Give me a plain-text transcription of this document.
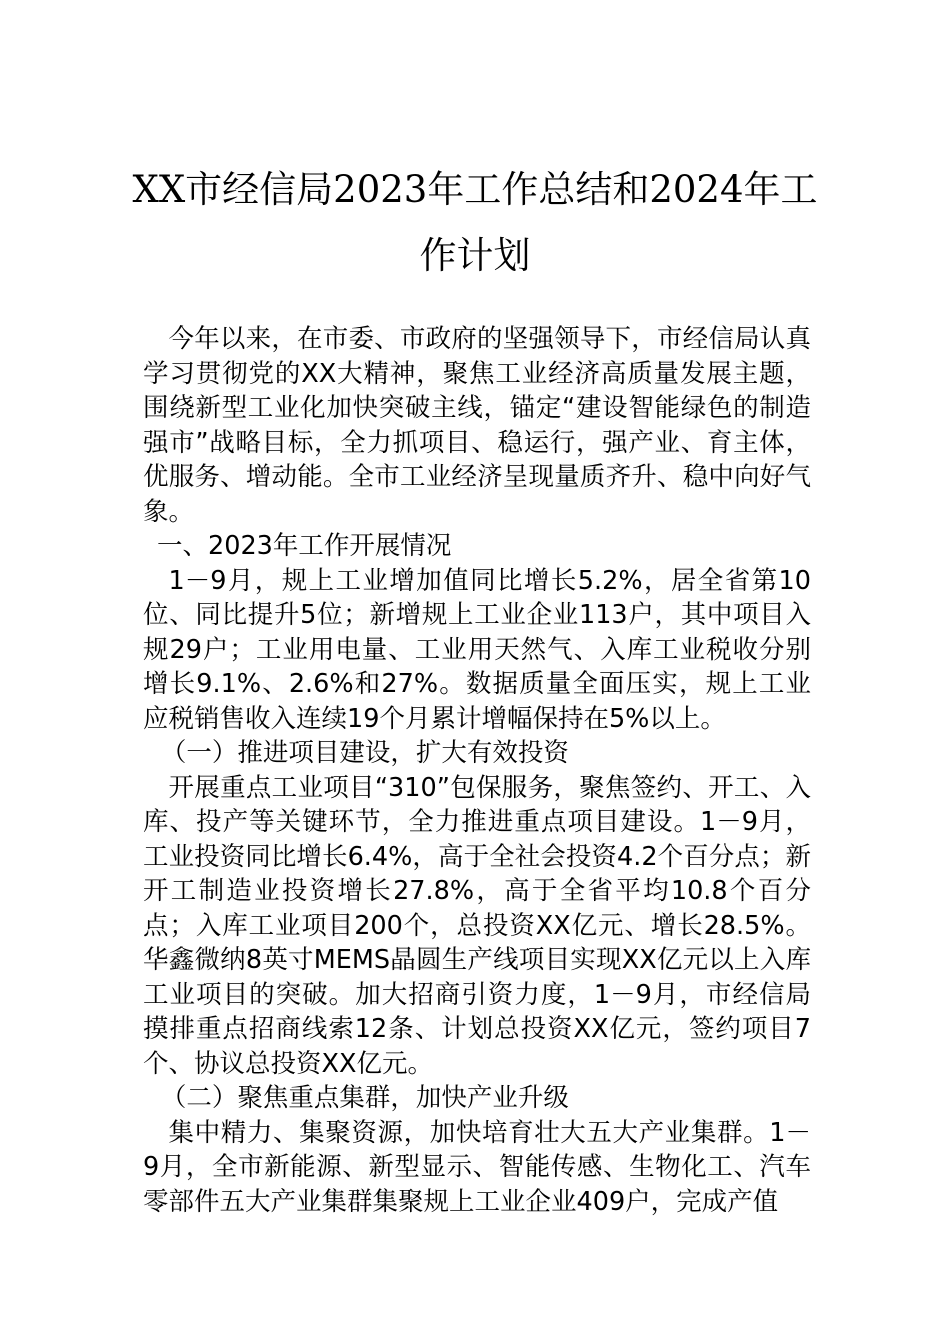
XX市经信局2023年工作总结和2024年工
作计划

今年以来，在市委、市政府的坚强领导下，市经信局认真学习贯彻党的XX大精神，聚焦工业经济高质量发展主题，围绕新型工业化加快突破主线，锚定“建设智能绿色的制造强市”战略目标，全力抓项目、稳运行，强产业、育主体，优服务、增动能。全市工业经济呈现量质齐升、稳中向好气象。

一、2023年工作开展情况

1－9月，规上工业增加值同比增长5.2%，居全省第10位、同比提升5位；新增规上工业企业113户，其中项目入规29户；工业用电量、工业用天然气、入库工业税收分别增长9.1%、2.6%和27%。数据质量全面压实，规上工业应税销售收入连续19个月累计增幅保持在5%以上。

（一）推进项目建设，扩大有效投资

开展重点工业项目“310”包保服务，聚焦签约、开工、入库、投产等关键环节，全力推进重点项目建设。1－9月，工业投资同比增长6.4%，高于全社会投资4.2个百分点；新开工制造业投资增长27.8%，高于全省平均10.8个百分点；入库工业项目200个，总投资XX亿元、增长28.5%。华鑫微纳8英寸MEMS晶圆生产线项目实现XX亿元以上入库工业项目的突破。加大招商引资力度，1－9月，市经信局摸排重点招商线索12条、计划总投资XX亿元，签约项目7个、协议总投资XX亿元。

（二）聚焦重点集群，加快产业升级

集中精力、集聚资源，加快培育壮大五大产业集群。1－9月，全市新能源、新型显示、智能传感、生物化工、汽车零部件五大产业集群集聚规上工业企业409户，完成产值
